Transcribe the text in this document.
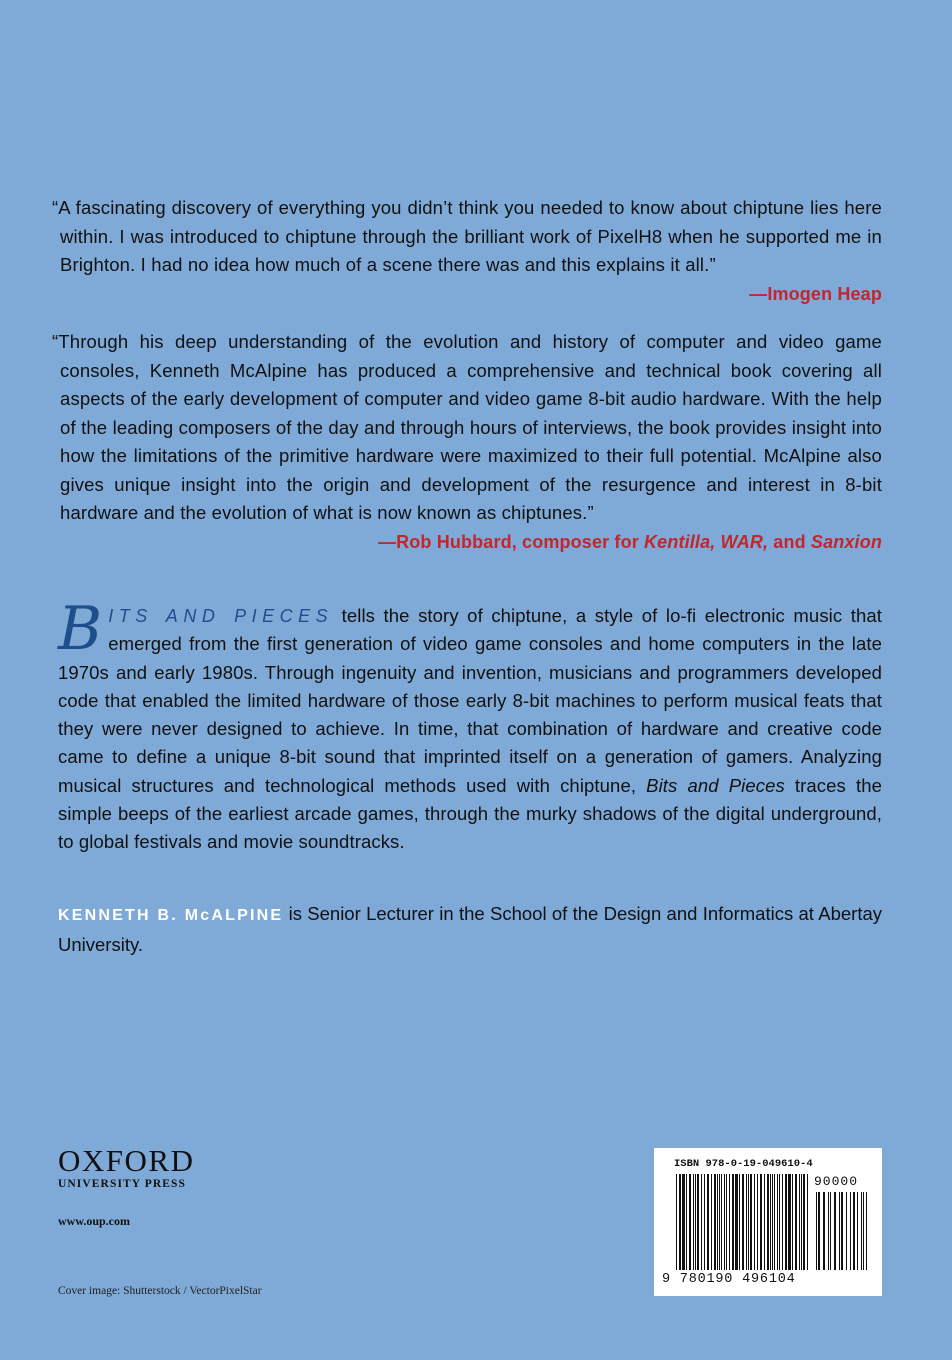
“A fascinating discovery of everything you didn’t think you needed to know about chiptune lies here within. I was introduced to chiptune through the brilliant work of PixelH8 when he supported me in Brighton. I had no idea how much of a scene there was and this explains it all.”

—Imogen Heap

“Through his deep understanding of the evolution and history of computer and video game consoles, Kenneth McAlpine has produced a comprehensive and technical book covering all aspects of the early development of computer and video game 8-bit audio hardware. With the help of the leading composers of the day and through hours of interviews, the book provides insight into how the limitations of the primitive hardware were maximized to their full potential. McAlpine also gives unique insight into the origin and development of the resurgence and interest in 8-bit hardware and the evolution of what is now known as chiptunes.”

—Rob Hubbard, composer for Kentilla, WAR, and Sanxion
BITS AND PIECES tells the story of chiptune, a style of lo-fi electronic music that emerged from the first generation of video game consoles and home computers in the late 1970s and early 1980s. Through ingenuity and invention, musicians and programmers developed code that enabled the limited hardware of those early 8-bit machines to perform musical feats that they were never designed to achieve. In time, that combination of hardware and creative code came to define a unique 8-bit sound that imprinted itself on a generation of gamers. Analyzing musical structures and technological methods used with chiptune, Bits and Pieces traces the simple beeps of the earliest arcade games, through the murky shadows of the digital underground, to global festivals and movie soundtracks.
KENNETH B. McALPINE is Senior Lecturer in the School of the Design and Informatics at Abertay University.
OXFORD
UNIVERSITY PRESS
www.oup.com
Cover image: Shutterstock / VectorPixelStar
ISBN 978-0-19-049610-4
90000
9 780190 496104
